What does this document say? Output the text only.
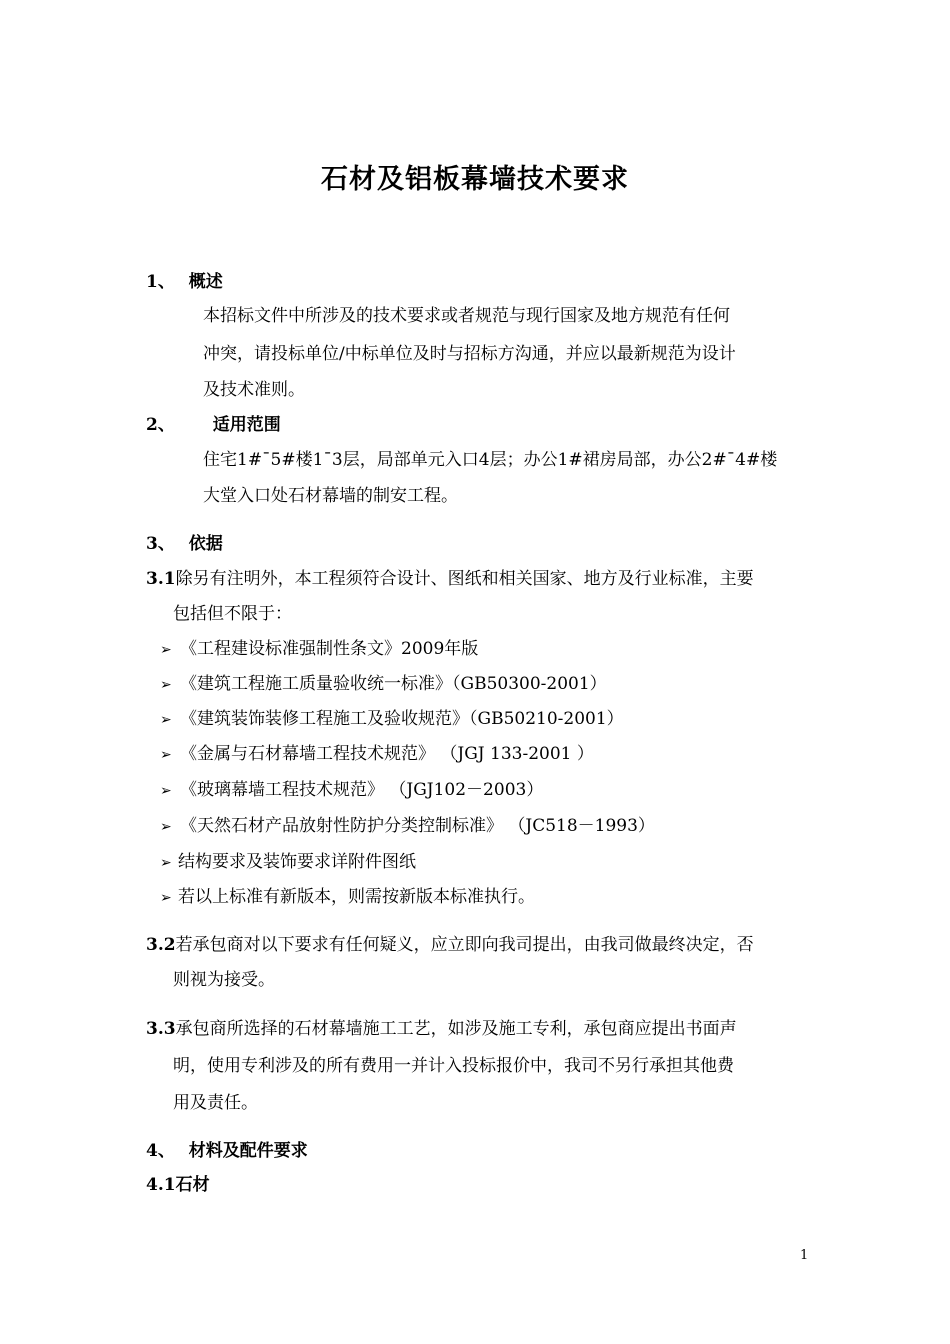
石材及铝板幕墙技术要求
1、 概述
本招标文件中所涉及的技术要求或者规范与现行国家及地方规范有任何
冲突，请投标单位/中标单位及时与招标方沟通，并应以最新规范为设计
及技术准则。
2、 适用范围
住宅1#¯5#楼1¯3层，局部单元入口4层；办公1#裙房局部，办公2#¯4#楼
大堂入口处石材幕墙的制安工程。
3、 依据
3.1除另有注明外，本工程须符合设计、图纸和相关国家、地方及行业标准，主要
包括但不限于：
➢ 《工程建设标准强制性条文》2009年版
➢ 《建筑工程施工质量验收统一标准》（GB50300-2001）
➢ 《建筑装饰装修工程施工及验收规范》（GB50210-2001）
➢ 《金属与石材幕墙工程技术规范》 （JGJ 133-2001 ）
➢ 《玻璃幕墙工程技术规范》 （JGJ102－2003）
➢ 《天然石材产品放射性防护分类控制标准》 （JC518－1993）
➢ 结构要求及装饰要求详附件图纸
➢ 若以上标准有新版本，则需按新版本标准执行。
3.2若承包商对以下要求有任何疑义，应立即向我司提出，由我司做最终决定，否
则视为接受。
3.3承包商所选择的石材幕墙施工工艺，如涉及施工专利，承包商应提出书面声
明，使用专利涉及的所有费用一并计入投标报价中，我司不另行承担其他费
用及责任。
4、 材料及配件要求
4.1石材
1
